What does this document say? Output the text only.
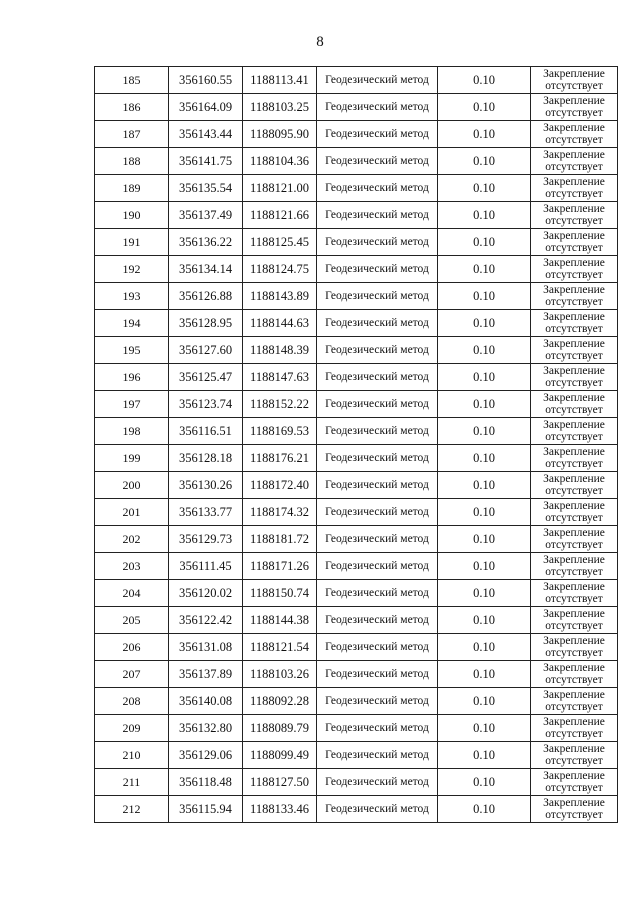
8
185	356160.55	1188113.41	Геодезический метод	0.10	Закрепление
отсутствует

186	356164.09	1188103.25	Геодезический метод	0.10	Закрепление
отсутствует

187	356143.44	1188095.90	Геодезический метод	0.10	Закрепление
отсутствует

188	356141.75	1188104.36	Геодезический метод	0.10	Закрепление
отсутствует

189	356135.54	1188121.00	Геодезический метод	0.10	Закрепление
отсутствует

190	356137.49	1188121.66	Геодезический метод	0.10	Закрепление
отсутствует

191	356136.22	1188125.45	Геодезический метод	0.10	Закрепление
отсутствует

192	356134.14	1188124.75	Геодезический метод	0.10	Закрепление
отсутствует

193	356126.88	1188143.89	Геодезический метод	0.10	Закрепление
отсутствует

194	356128.95	1188144.63	Геодезический метод	0.10	Закрепление
отсутствует

195	356127.60	1188148.39	Геодезический метод	0.10	Закрепление
отсутствует

196	356125.47	1188147.63	Геодезический метод	0.10	Закрепление
отсутствует

197	356123.74	1188152.22	Геодезический метод	0.10	Закрепление
отсутствует

198	356116.51	1188169.53	Геодезический метод	0.10	Закрепление
отсутствует

199	356128.18	1188176.21	Геодезический метод	0.10	Закрепление
отсутствует

200	356130.26	1188172.40	Геодезический метод	0.10	Закрепление
отсутствует

201	356133.77	1188174.32	Геодезический метод	0.10	Закрепление
отсутствует

202	356129.73	1188181.72	Геодезический метод	0.10	Закрепление
отсутствует

203	356111.45	1188171.26	Геодезический метод	0.10	Закрепление
отсутствует

204	356120.02	1188150.74	Геодезический метод	0.10	Закрепление
отсутствует

205	356122.42	1188144.38	Геодезический метод	0.10	Закрепление
отсутствует

206	356131.08	1188121.54	Геодезический метод	0.10	Закрепление
отсутствует

207	356137.89	1188103.26	Геодезический метод	0.10	Закрепление
отсутствует

208	356140.08	1188092.28	Геодезический метод	0.10	Закрепление
отсутствует

209	356132.80	1188089.79	Геодезический метод	0.10	Закрепление
отсутствует

210	356129.06	1188099.49	Геодезический метод	0.10	Закрепление
отсутствует

211	356118.48	1188127.50	Геодезический метод	0.10	Закрепление
отсутствует

212	356115.94	1188133.46	Геодезический метод	0.10	Закрепление
отсутствует
